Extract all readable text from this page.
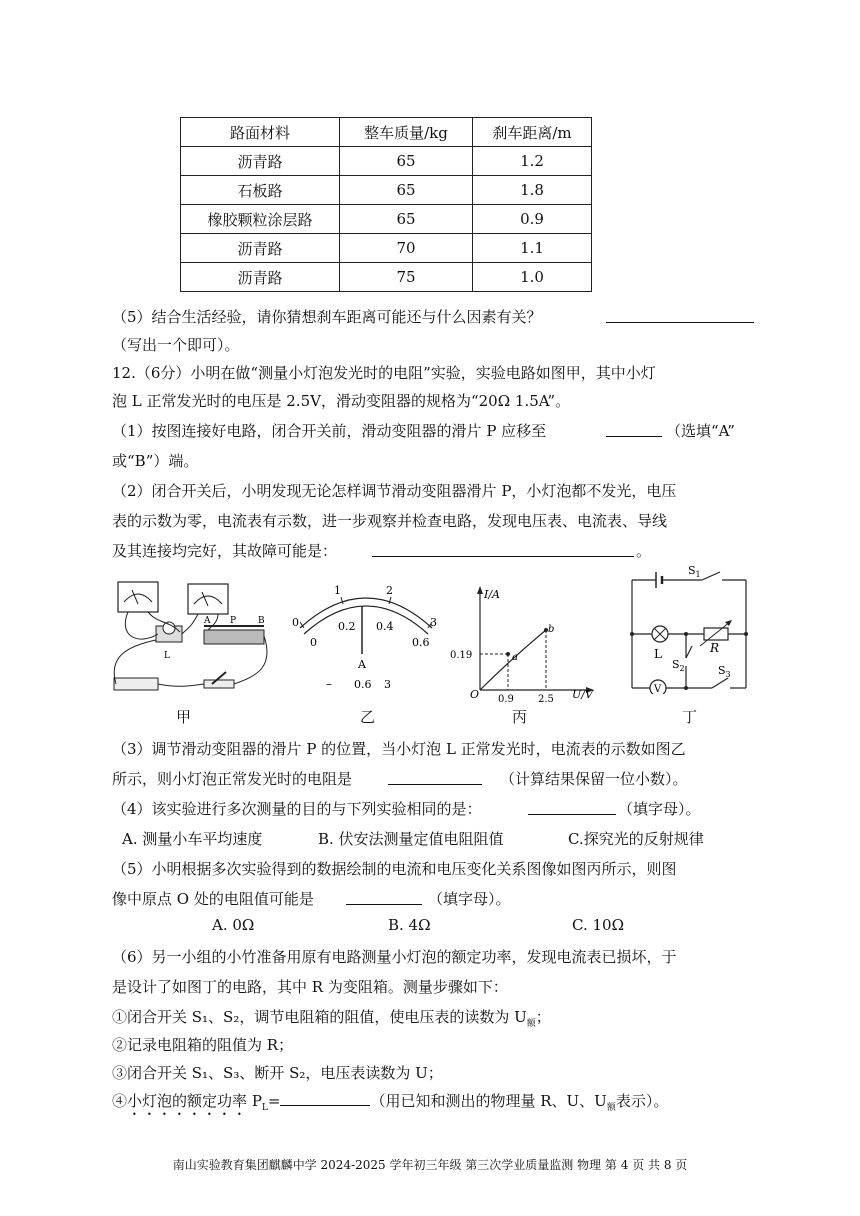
路面材料	整车质量/kg	刹车距离/m
沥青路	65	1.2
石板路	65	1.8
橡胶颗粒涂层路	65	0.9
沥青路	70	1.1
沥青路	75	1.0
（5）结合生活经验，请你猜想刹车距离可能还与什么因素有关？
（写出一个即可）。
12.（6分）小明在做“测量小灯泡发光时的电阻”实验，实验电路如图甲，其中小灯
泡 L 正常发光时的电压是 2.5V，滑动变阻器的规格为“20Ω 1.5A”。
（1）按图连接好电路，闭合开关前，滑动变阻器的滑片 P 应移至	（选填“A”
或“B”）端。
（2）闭合开关后，小明发现无论怎样调节滑动变阻器滑片 P，小灯泡都不发光，电压
表的示数为零，电流表有示数，进一步观察并检查电路，发现电压表、电流表、导线
及其连接均完好，其故障可能是：	。
L
A P B 0
1	2
3
0
0.2 0.4
0.6
A
– 0.6 3
I/A
U/V
O
a
b
0.19
0.9 2.5
$S_1$
L	R
$S_2$
V
$S_3$
甲	乙	丙	丁
（3）调节滑动变阻器的滑片 P 的位置，当小灯泡 L 正常发光时，电流表的示数如图乙
所示，则小灯泡正常发光时的电阻是	（计算结果保留一位小数）。
（4）该实验进行多次测量的目的与下列实验相同的是：	（填字母）。
A. 测量小车平均速度	B. 伏安法测量定值电阻阻值	C.探究光的反射规律
（5）小明根据多次实验得到的数据绘制的电流和电压变化关系图像如图丙所示，则图
像中原点 O 处的电阻值可能是	（填字母）。
A. 0Ω	B. 4Ω	C. 10Ω
（6）另一小组的小竹准备用原有电路测量小灯泡的额定功率，发现电流表已损坏，于
是设计了如图丁的电路，其中 R 为变阻箱。测量步骤如下：
①闭合开关 S₁、S₂，调节电阻箱的阻值，使电压表的读数为 $U_额$；
②记录电阻箱的阻值为 R；
③闭合开关 S₁、S₃、断开 S₂，电压表读数为 U；
④小灯泡的额定功率 $P_L=$	（用已知和测出的物理量 R、U、$U_额$表示）。
南山实验教育集团麒麟中学 2024-2025 学年初三年级 第三次学业质量监测 物理 第 4 页 共 8 页
